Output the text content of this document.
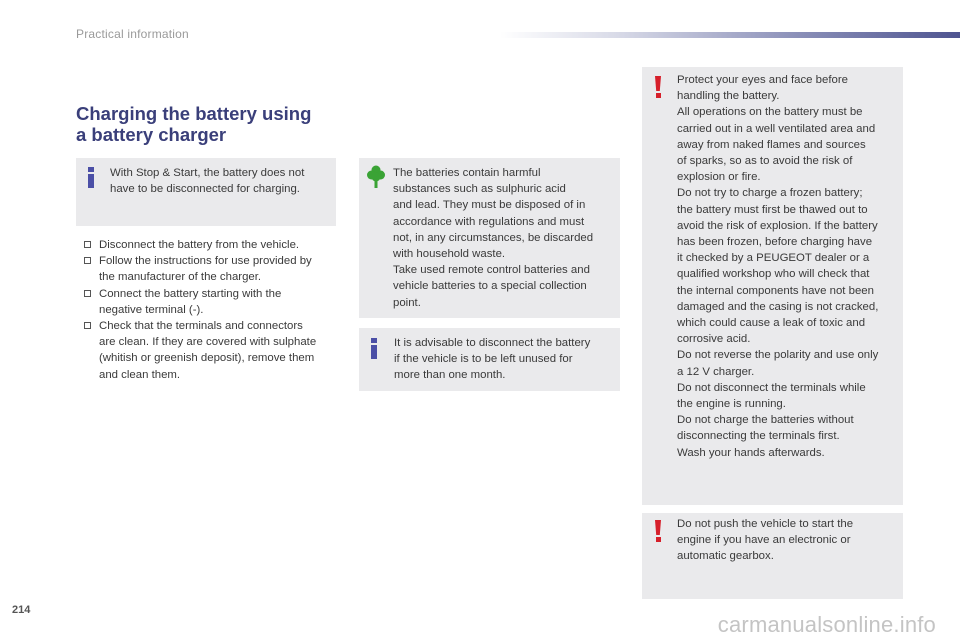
Practical information
Charging the battery using
a battery charger
With Stop & Start, the battery does not
have to be disconnected for charging.
Disconnect the battery from the vehicle.
Follow the instructions for use provided by
the manufacturer of the charger.
Connect the battery starting with the
negative terminal (-).
Check that the terminals and connectors
are clean. If they are covered with sulphate
(whitish or greenish deposit), remove them
and clean them.
The batteries contain harmful
substances such as sulphuric acid
and lead. They must be disposed of in
accordance with regulations and must
not, in any circumstances, be discarded
with household waste.
Take used remote control batteries and
vehicle batteries to a special collection
point.
It is advisable to disconnect the battery
if the vehicle is to be left unused for
more than one month.
Protect your eyes and face before
handling the battery.
All operations on the battery must be
carried out in a well ventilated area and
away from naked flames and sources
of sparks, so as to avoid the risk of
explosion or fire.
Do not try to charge a frozen battery;
the battery must first be thawed out to
avoid the risk of explosion. If the battery
has been frozen, before charging have
it checked by a PEUGEOT dealer or a
qualified workshop who will check that
the internal components have not been
damaged and the casing is not cracked,
which could cause a leak of toxic and
corrosive acid.
Do not reverse the polarity and use only
a 12 V charger.
Do not disconnect the terminals while
the engine is running.
Do not charge the batteries without
disconnecting the terminals first.
Wash your hands afterwards.
Do not push the vehicle to start the
engine if you have an electronic or
automatic gearbox.
214
carmanualsonline.info
